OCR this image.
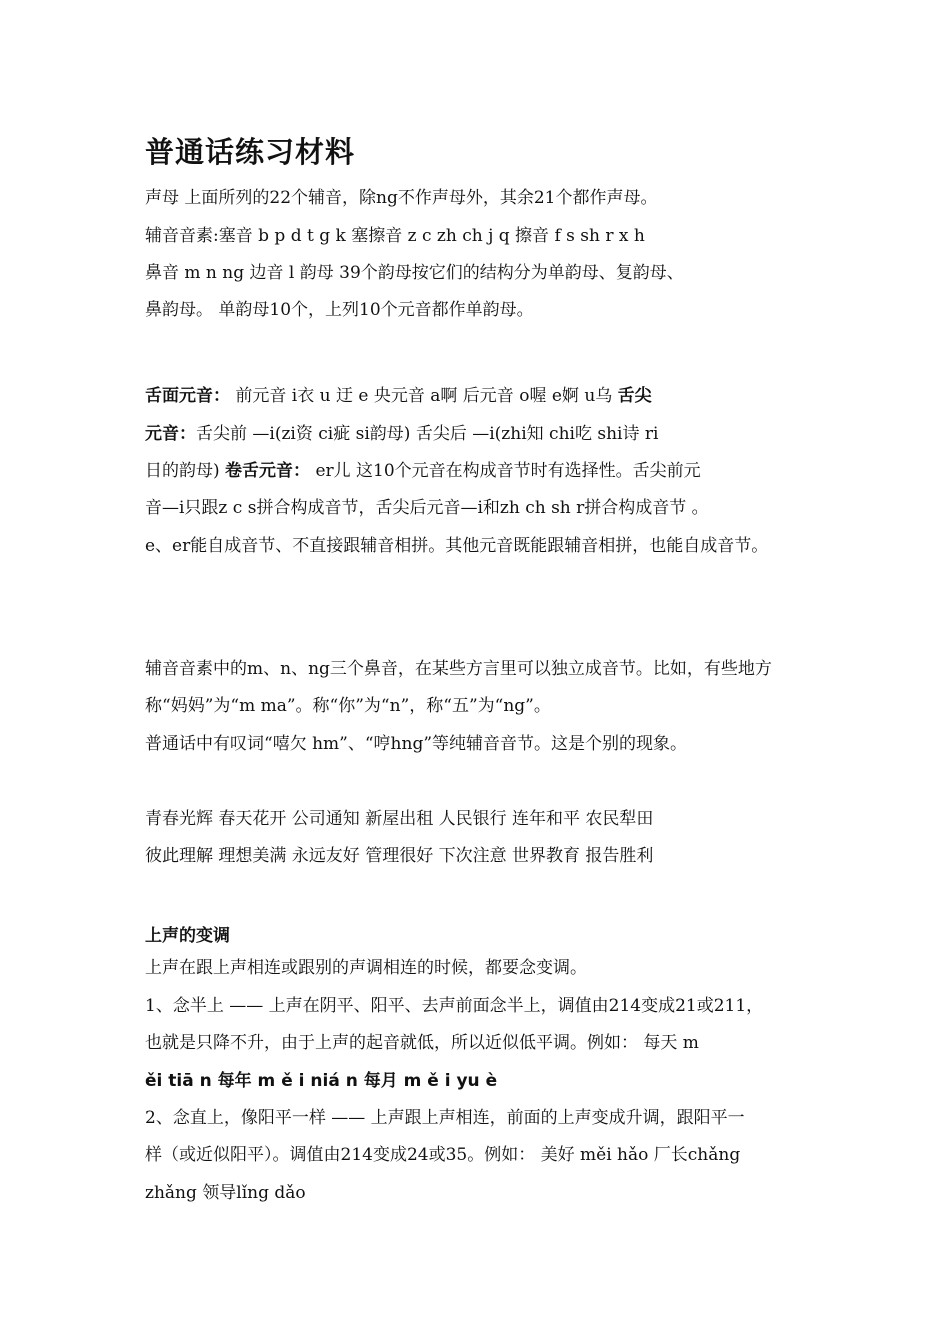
普通话练习材料
声母 上面所列的22个辅音，除ng不作声母外，其余21个都作声母。
辅音音素:塞音 b p d t g k 塞擦音 z c zh ch j q 擦音 f s sh r x h
鼻音 m n ng 边音 l 韵母 39个韵母按它们的结构分为单韵母、复韵母、
鼻韵母。 单韵母10个，上列10个元音都作单韵母。
舌面元音： 前元音 i衣 u 迂 e 央元音 a啊 后元音 o喔 e婀 u乌 舌尖
元音：舌尖前 —i(zi资 ci疵 si韵母) 舌尖后 —i(zhi知 chi吃 shi诗 ri
日的韵母) 卷舌元音： er儿 这10个元音在构成音节时有选择性。舌尖前元
音—i只跟z c s拼合构成音节，舌尖后元音—i和zh ch sh r拼合构成音节 。
e、er能自成音节、不直接跟辅音相拼。其他元音既能跟辅音相拼，也能自成音节。
辅音音素中的m、n、ng三个鼻音，在某些方言里可以独立成音节。比如，有些地方
称“妈妈”为“m ma”。称“你”为“n”，称“五”为“ng”。
普通话中有叹词“嘻欠 hm”、“哼hng”等纯辅音音节。这是个别的现象。
青春光辉 春天花开 公司通知 新屋出租 人民银行 连年和平 农民犁田
彼此理解 理想美满 永远友好 管理很好 下次注意 世界教育 报告胜利
上声的变调
上声在跟上声相连或跟别的声调相连的时候，都要念变调。
1、念半上 —— 上声在阴平、阳平、去声前面念半上，调值由214变成21或211，
也就是只降不升，由于上声的起音就低，所以近似低平调。例如： 每天 m
ěi tiā n 每年 m ě i niá n 每月 m ě i yu è
2、念直上，像阳平一样 —— 上声跟上声相连，前面的上声变成升调，跟阳平一
样（或近似阳平）。调值由214变成24或35。例如： 美好 měi hǎo 厂长chǎng
zhǎng 领导lǐng dǎo
